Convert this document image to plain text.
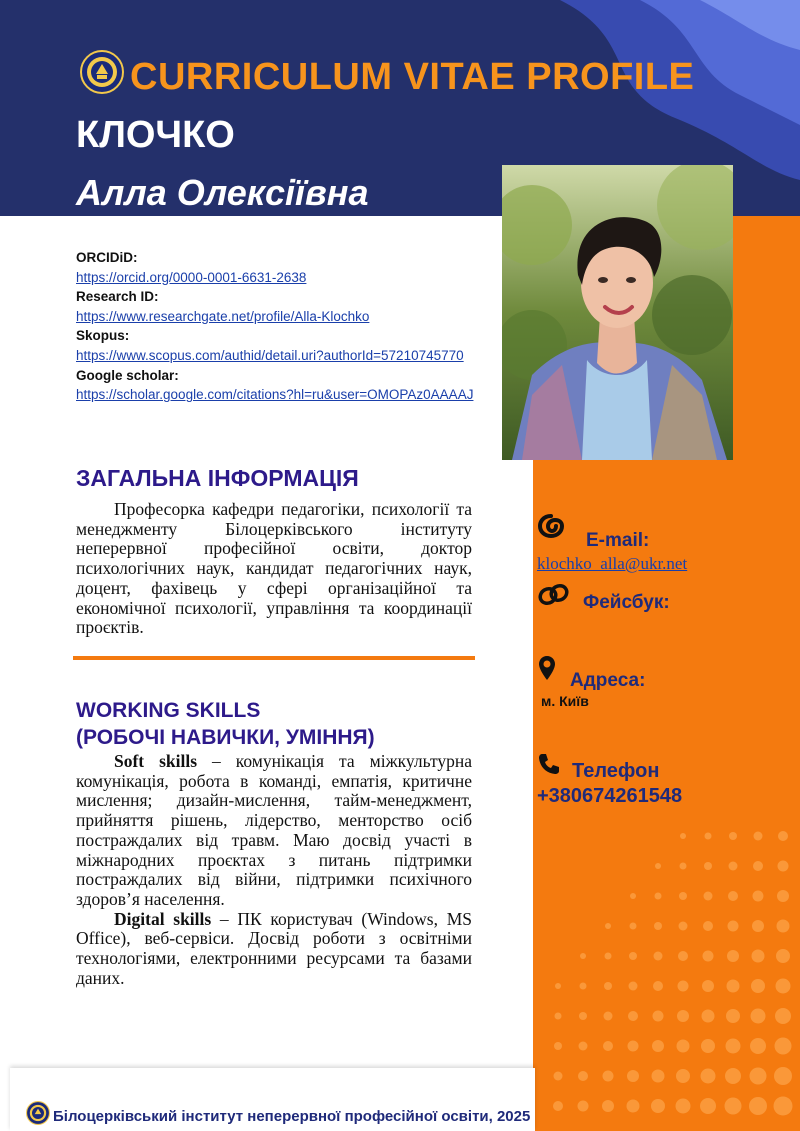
CURRICULUM VITAE PROFILE
КЛОЧКО
Алла Олексіївна
ORCIDiD:
https://orcid.org/0000-0001-6631-2638
Research ID:
https://www.researchgate.net/profile/Alla-Klochko
Skopus:
https://www.scopus.com/authid/detail.uri?authorId=57210745770
Google scholar:
https://scholar.google.com/citations?hl=ru&user=OMOPAz0AAAAJ
ЗАГАЛЬНА ІНФОРМАЦІЯ
Професорка кафедри педагогіки, психології та менеджменту Білоцерківського інституту неперервної професійної освіти, доктор психологічних наук, кандидат педагогічних наук, доцент, фахівець у сфері організаційної та економічної психології, управління та координації проєктів.
WORKING SKILLS
(РОБОЧІ НАВИЧКИ, УМІННЯ)

Soft skills – комунікація та міжкультурна комунікація, робота в команді, емпатія, критичне мислення; дизайн-мислення, тайм-менеджмент, прийняття рішень, лідерство, менторство осіб постраждалих від травм. Маю досвід участі в міжнародних проєктах з питань підтримки постраждалих від війни, підтримки психічного здоров’я населення.

Digital skills – ПК користувач (Windows, MS Office), веб-сервіси. Досвід роботи з освітніми технологіями, електронними ресурсами та базами даних.

E-mail:
klochko_alla@ukr.net
Фейсбук:
Адреса:
м. Київ
Телефон
+380674261548
Білоцерківський інститут неперервної професійної освіти, 2025
